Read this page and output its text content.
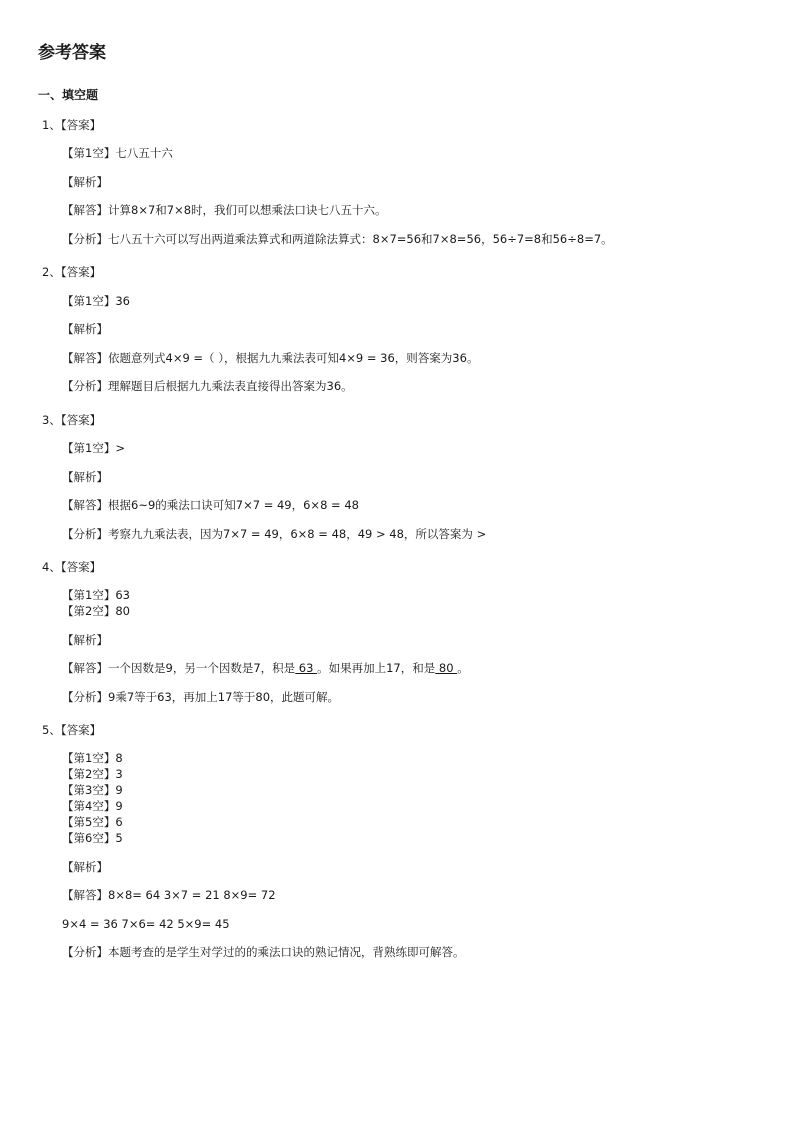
参考答案
一、填空题
1、【答案】
【第1空】七八五十六
【解析】
【解答】计算8×7和7×8时，我们可以想乘法口诀七八五十六。
【分析】七八五十六可以写出两道乘法算式和两道除法算式：8×7=56和7×8=56，56÷7=8和56÷8=7。
2、【答案】
【第1空】36
【解析】
【解答】依题意列式4×9 =（ ），根据九九乘法表可知4×9 = 36，则答案为36。
【分析】理解题目后根据九九乘法表直接得出答案为36。
3、【答案】
【第1空】>
【解析】
【解答】根据6~9的乘法口诀可知7×7 = 49，6×8 = 48
【分析】考察九九乘法表，因为7×7 = 49，6×8 = 48，49 > 48，所以答案为 >
4、【答案】
【第1空】63
【第2空】80
【解析】
【解答】一个因数是9，另一个因数是7，积是 63 。如果再加上17，和是 80 。
【分析】9乘7等于63，再加上17等于80，此题可解。
5、【答案】
【第1空】8
【第2空】3
【第3空】9
【第4空】9
【第5空】6
【第6空】5
【解析】
【解答】8×8= 64 3×7 = 21 8×9= 72
9×4 = 36 7×6= 42 5×9= 45
【分析】本题考查的是学生对学过的的乘法口诀的熟记情况，背熟练即可解答。
